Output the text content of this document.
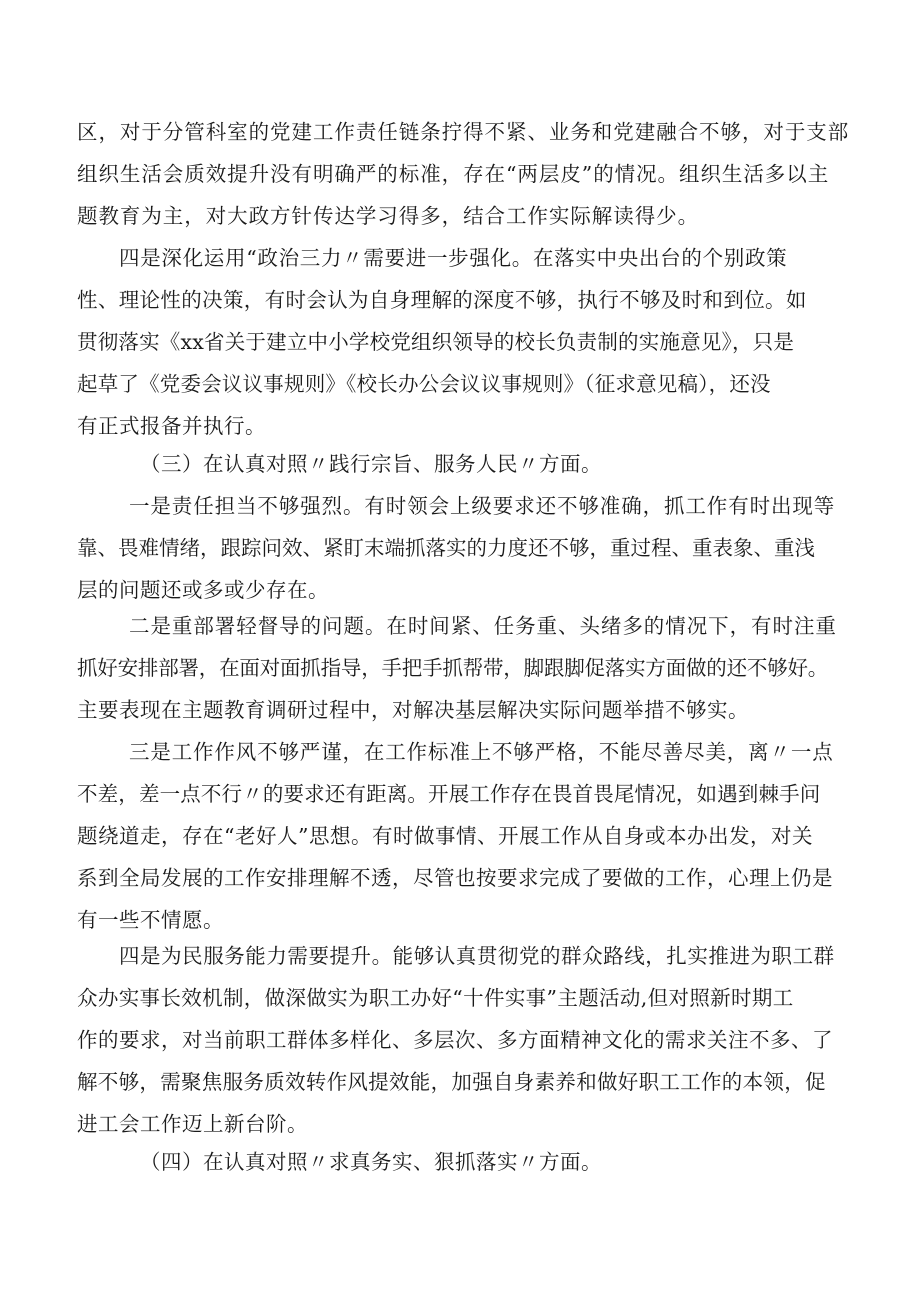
区，对于分管科室的党建工作责任链条拧得不紧、业务和党建融合不够，对于支部
组织生活会质效提升没有明确严的标准，存在“两层皮”的情况。组织生活多以主
题教育为主，对大政方针传达学习得多，结合工作实际解读得少。
四是深化运用“政治三力〃需要进一步强化。在落实中央出台的个别政策
性、理论性的决策，有时会认为自身理解的深度不够，执行不够及时和到位。如
贯彻落实《xx省关于建立中小学校党组织领导的校长负责制的实施意见》，只是
起草了《党委会议议事规则》《校长办公会议议事规则》（征求意见稿），还没
有正式报备并执行。
（三）在认真对照〃践行宗旨、服务人民〃方面。
一是责任担当不够强烈。有时领会上级要求还不够准确，抓工作有时出现等
靠、畏难情绪，跟踪问效、紧盯末端抓落实的力度还不够，重过程、重表象、重浅
层的问题还或多或少存在。
二是重部署轻督导的问题。在时间紧、任务重、头绪多的情况下，有时注重
抓好安排部署，在面对面抓指导，手把手抓帮带，脚跟脚促落实方面做的还不够好。
主要表现在主题教育调研过程中，对解决基层解决实际问题举措不够实。
三是工作作风不够严谨，在工作标准上不够严格，不能尽善尽美，离〃一点
不差，差一点不行〃的要求还有距离。开展工作存在畏首畏尾情况，如遇到棘手问
题绕道走，存在“老好人”思想。有时做事情、开展工作从自身或本办出发，对关
系到全局发展的工作安排理解不透，尽管也按要求完成了要做的工作，心理上仍是
有一些不情愿。
四是为民服务能力需要提升。能够认真贯彻党的群众路线，扎实推进为职工群
众办实事长效机制，做深做实为职工办好“十件实事”主题活动,但对照新时期工
作的要求，对当前职工群体多样化、多层次、多方面精神文化的需求关注不多、了
解不够，需聚焦服务质效转作风提效能，加强自身素养和做好职工工作的本领，促
进工会工作迈上新台阶。
（四）在认真对照〃求真务实、狠抓落实〃方面。
